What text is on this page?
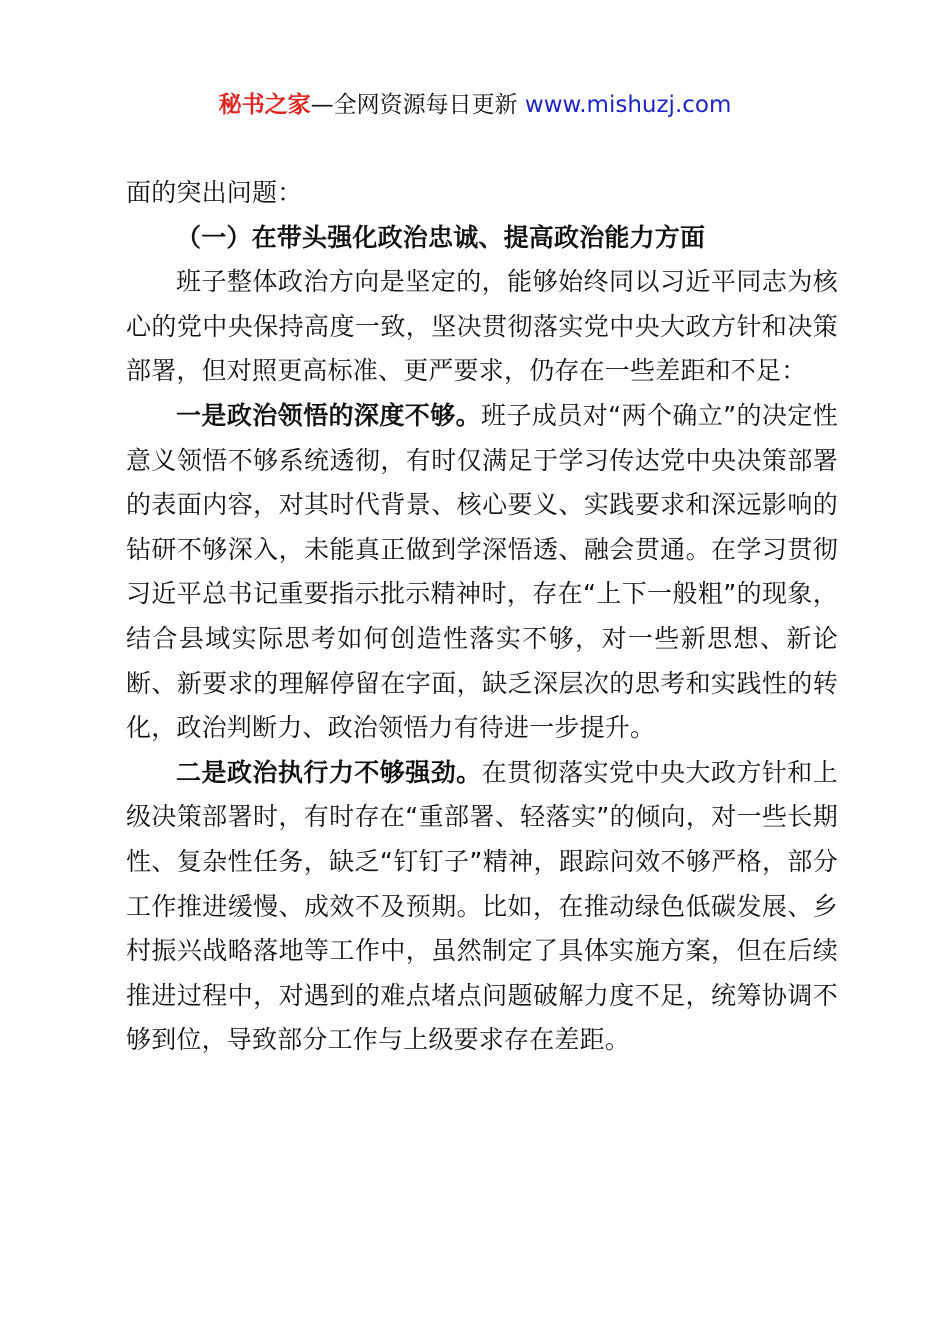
秘书之家—全网资源每日更新 www.mishuzj.com

面的突出问题：

（一）在带头强化政治忠诚、提高政治能力方面

班子整体政治方向是坚定的，能够始终同以习近平同志为核心的党中央保持高度一致，坚决贯彻落实党中央大政方针和决策部署，但对照更高标准、更严要求，仍存在一些差距和不足：

一是政治领悟的深度不够。班子成员对“两个确立”的决定性意义领悟不够系统透彻，有时仅满足于学习传达党中央决策部署的表面内容，对其时代背景、核心要义、实践要求和深远影响的钻研不够深入，未能真正做到学深悟透、融会贯通。在学习贯彻习近平总书记重要指示批示精神时，存在“上下一般粗”的现象，结合县域实际思考如何创造性落实不够，对一些新思想、新论断、新要求的理解停留在字面，缺乏深层次的思考和实践性的转化，政治判断力、政治领悟力有待进一步提升。

二是政治执行力不够强劲。在贯彻落实党中央大政方针和上级决策部署时，有时存在“重部署、轻落实”的倾向，对一些长期性、复杂性任务，缺乏“钉钉子”精神，跟踪问效不够严格，部分工作推进缓慢、成效不及预期。比如，在推动绿色低碳发展、乡村振兴战略落地等工作中，虽然制定了具体实施方案，但在后续推进过程中，对遇到的难点堵点问题破解力度不足，统筹协调不够到位，导致部分工作与上级要求存在差距。
